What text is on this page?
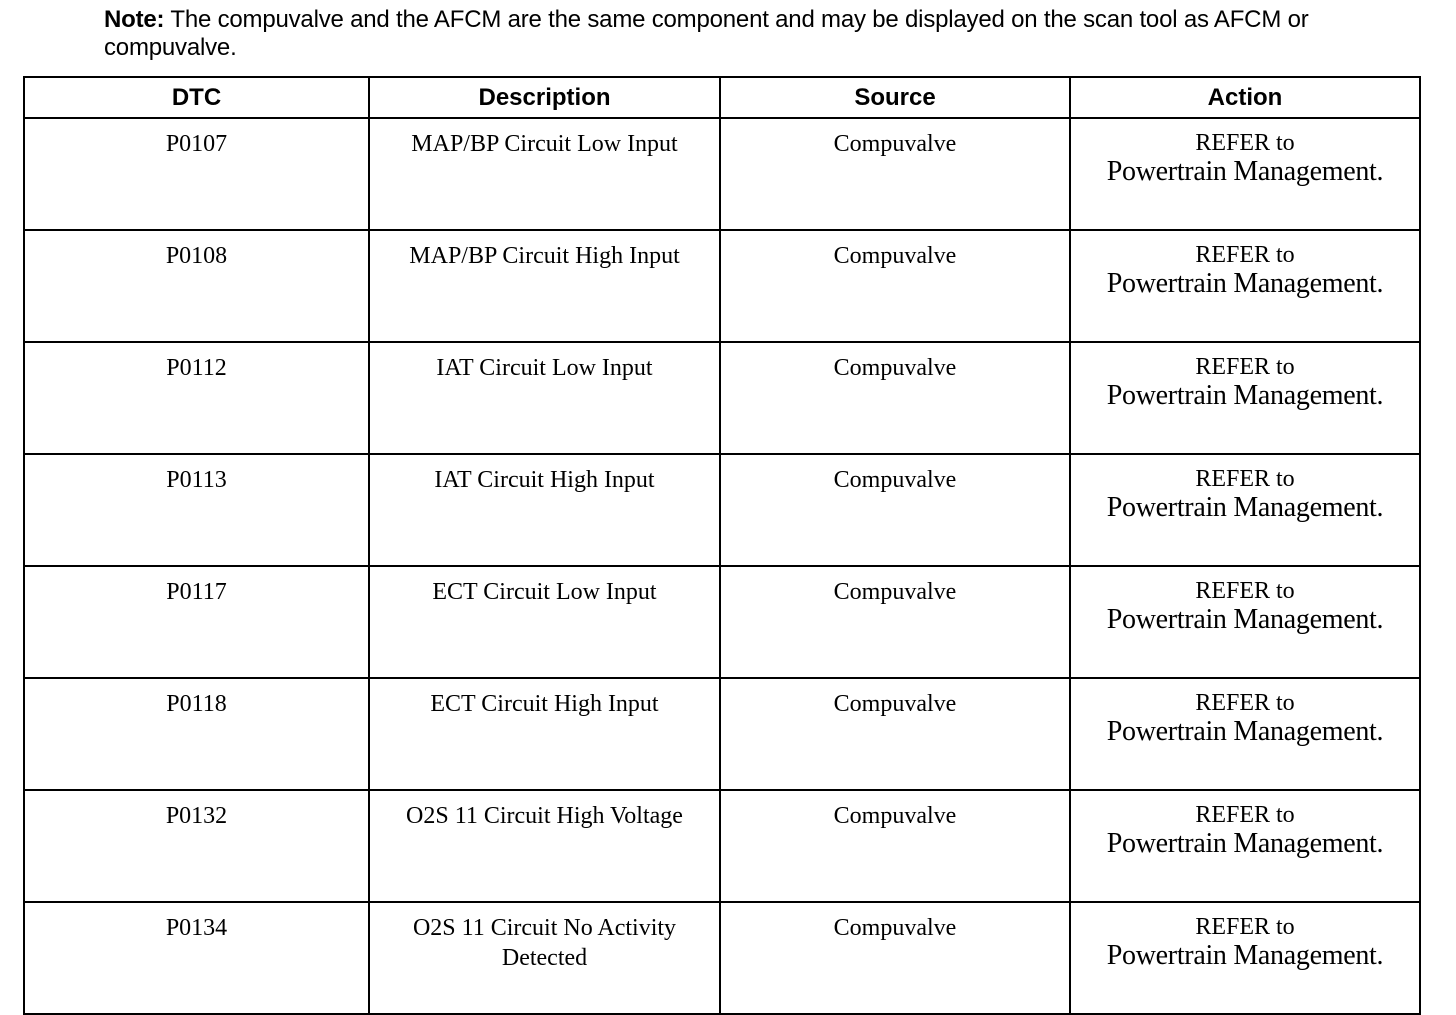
Note: The compuvalve and the AFCM are the same component and may be displayed on the scan tool as AFCM or compuvalve.
DTC	Description	Source	Action
P0107	MAP/BP Circuit Low Input	Compuvalve	REFER to
Powertrain Management.

P0108	MAP/BP Circuit High Input	Compuvalve	REFER to
Powertrain Management.

P0112	IAT Circuit Low Input	Compuvalve	REFER to
Powertrain Management.

P0113	IAT Circuit High Input	Compuvalve	REFER to
Powertrain Management.

P0117	ECT Circuit Low Input	Compuvalve	REFER to
Powertrain Management.

P0118	ECT Circuit High Input	Compuvalve	REFER to
Powertrain Management.

P0132	O2S 11 Circuit High Voltage	Compuvalve	REFER to
Powertrain Management.

P0134	O2S 11 Circuit No Activity Detected	Compuvalve	REFER to
Powertrain Management.
